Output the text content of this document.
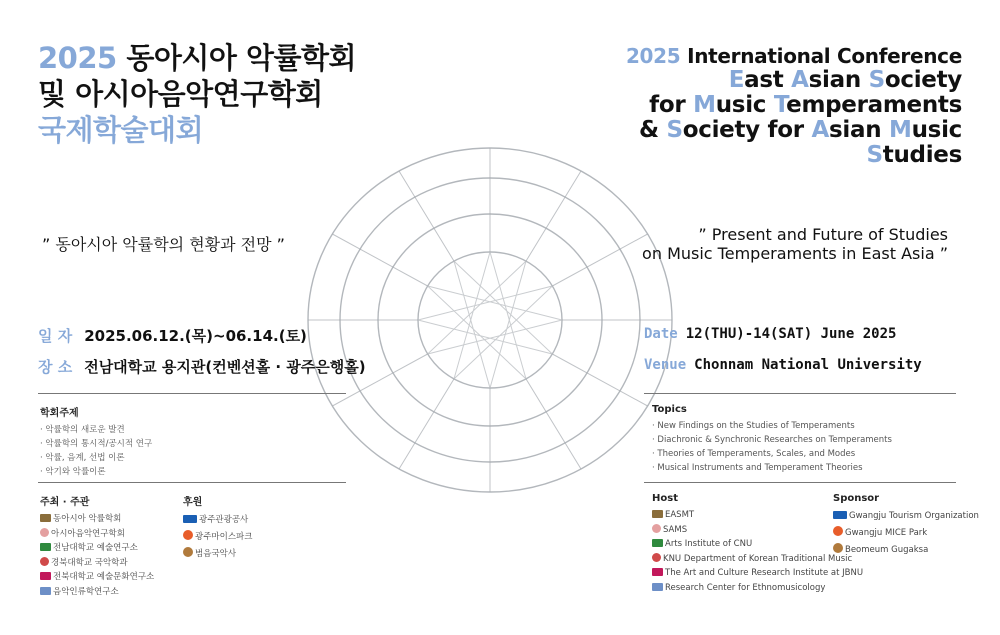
2025 동아시아 악률학회
및 아시아음악연구학회
국제학술대회
2025 International Conference
East Asian Society
for Music Temperaments
& Society for Asian Music
Studies
” 동아시아 악률학의 현황과 전망 ”
” Present and Future of Studies
on Music Temperaments in East Asia ”
일 자 2025.06.12.(목)~06.14.(토)
장 소 전남대학교 용지관(컨벤션홀 · 광주은행홀)
Date 12(THU)-14(SAT) June 2025
Venue Chonnam National University
학회주제
· 악률학의 새로운 발견
· 악률학의 통시적/공시적 연구
· 악률, 음계, 선법 이론
· 악기와 악률이론
Topics
· New Findings on the Studies of Temperaments
· Diachronic & Synchronic Researches on Temperaments
· Theories of Temperaments, Scales, and Modes
· Musical Instruments and Temperament Theories
주최 · 주관
동아시아 악률학회
아시아음악연구학회
전남대학교 예술연구소
경북대학교 국악학과
전북대학교 예술문화연구소
음악인류학연구소
후원
광주관광공사
광주마이스파크
범음국악사
Host
EASMT
SAMS
Arts Institute of CNU
KNU Department of Korean Traditional Music
The Art and Culture Research Institute at JBNU
Research Center for Ethnomusicology
Sponsor
Gwangju Tourism Organization
Gwangju MICE Park
Beomeum Gugaksa
